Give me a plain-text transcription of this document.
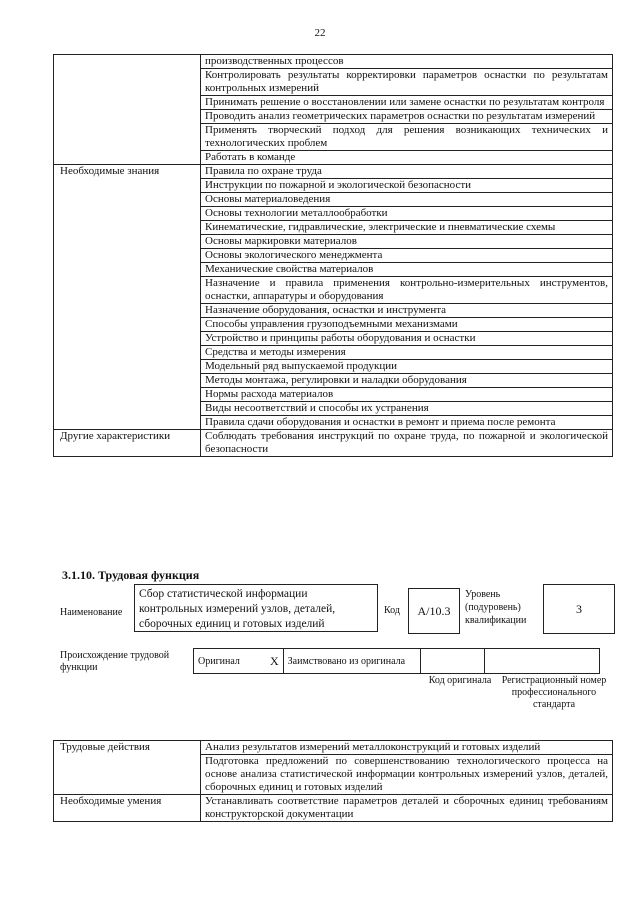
22
	производственных процессов
	Контролировать результаты корректировки параметров оснастки по результатам контрольных измерений
	Принимать решение о восстановлении или замене оснастки по результатам контроля
	Проводить анализ геометрических параметров оснастки по результатам измерений
	Применять творческий подход для решения возникающих технических и технологических проблем
	Работать в команде
Необходимые знания	Правила по охране труда
	Инструкции по пожарной и экологической безопасности
	Основы материаловедения
	Основы технологии металлообработки
	Кинематические, гидравлические, электрические и пневматические схемы
	Основы маркировки материалов
	Основы экологического менеджмента
	Механические свойства материалов
	Назначение и правила применения контрольно-измерительных инструментов, оснастки, аппаратуры и оборудования
	Назначение оборудования, оснастки и инструмента
	Способы управления грузоподъемными механизмами
	Устройство и принципы работы оборудования и оснастки
	Средства и методы измерения
	Модельный ряд выпускаемой продукции
	Методы монтажа, регулировки и наладки оборудования
	Нормы расхода материалов
	Виды несоответствий и способы их устранения
	Правила сдачи оборудования и оснастки в ремонт и приема после ремонта
Другие характеристики	Соблюдать требования инструкций по охране труда, по пожарной и экологической безопасности
3.1.10. Трудовая функция
Наименование
Сбор статистической информации контрольных измерений узлов, деталей, сборочных единиц и готовых изделий
Код	А/10.3
Уровень (подуровень) квалификации
3
Происхождение трудовой функции
Оригинал	X	Заимствовано из оригинала		
Код оригинала	Регистрационный номер профессионального стандарта
Трудовые действия	Анализ результатов измерений металлоконструкций и готовых изделий
	Подготовка предложений по совершенствованию технологического процесса на основе анализа статистической информации контрольных измерений узлов, деталей, сборочных единиц и готовых изделий
Необходимые умения	Устанавливать соответствие параметров деталей и сборочных единиц требованиям конструкторской документации
